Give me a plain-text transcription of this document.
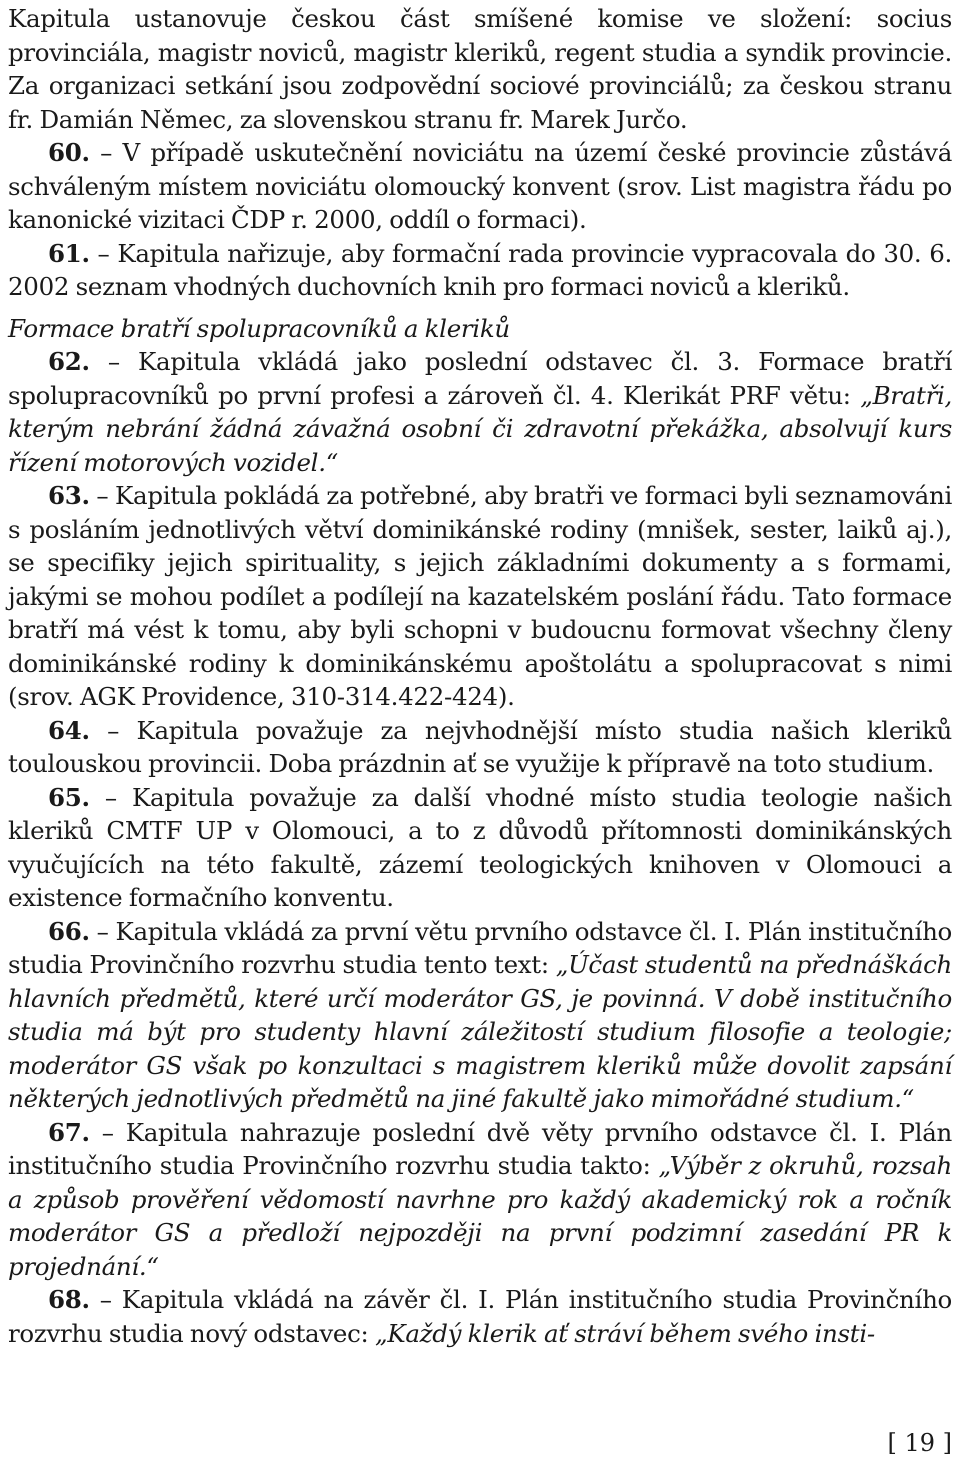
Kapitula ustanovuje českou část smíšené komise ve složení: socius provinciála, magistr noviců, magistr kleriků, regent studia a syndik provincie. Za organizaci setkání jsou zodpovědní sociové provinciálů; za českou stranu fr. Damián Němec, za slovenskou stranu fr. Marek Jurčo.

60. – V případě uskutečnění noviciátu na území české provincie zůstává schváleným místem noviciátu olomoucký konvent (srov. List magistra řádu po kanonické vizitaci ČDP r. 2000, oddíl o formaci).

61. – Kapitula nařizuje, aby formační rada provincie vypracovala do 30. 6. 2002 seznam vhodných duchovních knih pro formaci noviců a kleriků.

Formace bratří spolupracovníků a kleriků

62. – Kapitula vkládá jako poslední odstavec čl. 3. Formace bratří spolupracovníků po první profesi a zároveň čl. 4. Klerikát PRF větu: „Bratři, kterým nebrání žádná závažná osobní či zdravotní překážka, absolvují kurs řízení motorových vozidel.“

63. – Kapitula pokládá za potřebné, aby bratři ve formaci byli seznamováni s posláním jednotlivých větví dominikánské rodiny (mnišek, sester, laiků aj.), se specifiky jejich spirituality, s jejich základními dokumenty a s formami, jakými se mohou podílet a podílejí na kazatelském poslání řádu. Tato formace bratří má vést k tomu, aby byli schopni v budoucnu formovat všechny členy dominikánské rodiny k dominikánskému apoštolátu a spolupracovat s nimi (srov. AGK Providence, 310-314.422-424).

64. – Kapitula považuje za nejvhodnější místo studia našich kleriků toulouskou provincii. Doba prázdnin ať se využije k přípravě na toto studium.

65. – Kapitula považuje za další vhodné místo studia teologie našich kleriků CMTF UP v Olomouci, a to z důvodů přítomnosti dominikánských vyučujících na této fakultě, zázemí teologických knihoven v Olomouci a existence formačního konventu.

66. – Kapitula vkládá za první větu prvního odstavce čl. I. Plán institučního studia Provinčního rozvrhu studia tento text: „Účast studentů na přednáškách hlavních předmětů, které určí moderátor GS, je povinná. V době institučního studia má být pro studenty hlavní záležitostí studium filosofie a teologie; moderátor GS však po konzultaci s magistrem kleriků může dovolit zapsání některých jednotlivých předmětů na jiné fakultě jako mimořádné studium.“

67. – Kapitula nahrazuje poslední dvě věty prvního odstavce čl. I. Plán institučního studia Provinčního rozvrhu studia takto: „Výběr z okruhů, rozsah a způsob prověření vědomostí navrhne pro každý akademický rok a ročník moderátor GS a předloží nejpozději na první podzimní zasedání PR k projednání.“

68. – Kapitula vkládá na závěr čl. I. Plán institučního studia Provinčního rozvrhu studia nový odstavec: „Každý klerik ať stráví během svého insti-

[ 19 ]
